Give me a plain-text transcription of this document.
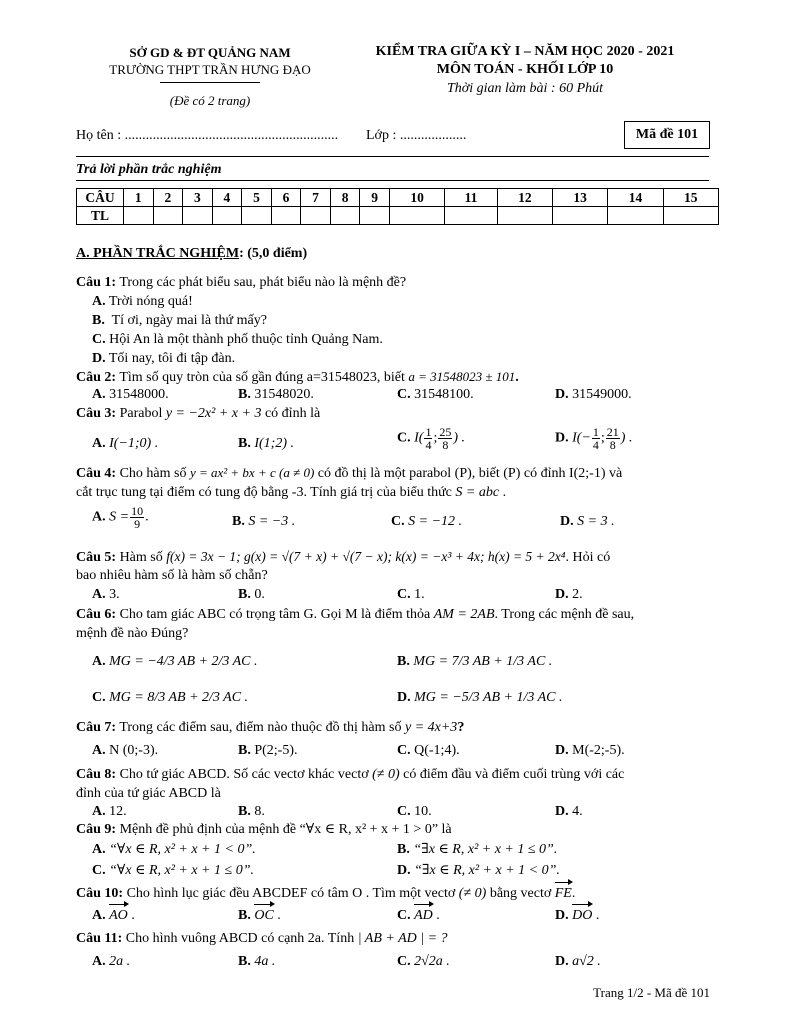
SỞ GD & ĐT QUẢNG NAM
TRƯỜNG THPT TRẦN HƯNG ĐẠO
(Đề có 2 trang)
KIỂM TRA GIỮA KỲ I – NĂM HỌC 2020 - 2021
MÔN TOÁN - KHỐI LỚP 10
Thời gian làm bài : 60 Phút
Họ tên : ............................................................. Lớp : ...................	Mã đề 101
Trả lời phần trắc nghiệm
CÂU	1	2	3	4	5	6	7	8	9	10	11	12	13	14	15
TL															
A. PHẦN TRẮC NGHIỆM: (5,0 điểm)
Câu 1: Trong các phát biểu sau, phát biểu nào là mệnh đề?
A. Trời nóng quá!
B. Tí ơi, ngày mai là thứ mấy?
C. Hội An là một thành phố thuộc tỉnh Quảng Nam.
D. Tối nay, tôi đi tập đàn.
Câu 2: Tìm số quy tròn của số gần đúng a=31548023, biết a = 31548023 ± 101.
A. 31548000.	B. 31548020.	C. 31548100.	D. 31549000.
Câu 3: Parabol y = −2x² + x + 3 có đỉnh là
A. I(−1;0) .	B. I(1;2) .	C. $I( \frac{1}{4}$ ; $\frac{25}{8}$ ) .	D. $I(- \frac{1}{4}$ ; $\frac{21}{8}$ ) .
Câu 4: Cho hàm số y = ax² + bx + c (a ≠ 0) có đồ thị là một parabol (P), biết (P) có đỉnh I(2;-1) và
cắt trục tung tại điểm có tung độ bằng -3. Tính giá trị của biểu thức S = abc .
A. $S = \frac{10}{9}$ .	B. S = −3 .	C. S = −12 .	D. S = 3 .
Câu 5: Hàm số f(x) = 3x − 1; g(x) = √(7 + x) + √(7 − x); k(x) = −x³ + 4x; h(x) = 5 + 2x⁴. Hỏi có
bao nhiêu hàm số là hàm số chẵn?
A. 3.	B. 0.	C. 1.	D. 2.
Câu 6: Cho tam giác ABC có trọng tâm G. Gọi M là điểm thỏa AM = 2AB. Trong các mệnh đề sau,
mệnh đề nào Đúng?
A. MG = −4/3 AB + 2/3 AC .	B. MG = 7/3 AB + 1/3 AC .
C. MG = 8/3 AB + 2/3 AC .	D. MG = −5/3 AB + 1/3 AC .
Câu 7: Trong các điểm sau, điểm nào thuộc đồ thị hàm số y = 4x+3?
A. N (0;-3).	B. P(2;-5).	C. Q(-1;4).	D. M(-2;-5).
Câu 8: Cho tứ giác ABCD. Số các vectơ khác vectơ (≠ 0) có điểm đầu và điểm cuối trùng với các
đỉnh của tứ giác ABCD là
A. 12.	B. 8.	C. 10.	D. 4.
Câu 9: Mệnh đề phủ định của mệnh đề “∀x ∈ R, x² + x + 1 > 0” là
A. “∀x ∈ R, x² + x + 1 < 0”.	B. “∃x ∈ R, x² + x + 1 ≤ 0”.
C. “∀x ∈ R, x² + x + 1 ≤ 0”.	D. “∃x ∈ R, x² + x + 1 < 0”.
Câu 10: Cho hình lục giác đều ABCDEF có tâm O . Tìm một vectơ (≠ 0) bằng vectơ FE.
A. AO .	B. OC .	C. AD .	D. DO .
Câu 11: Cho hình vuông ABCD có cạnh 2a. Tính | AB + AD | = ?
A. 2a .	B. 4a .	C. 2√2a .	D. a√2 .
Trang 1/2 - Mã đề 101
